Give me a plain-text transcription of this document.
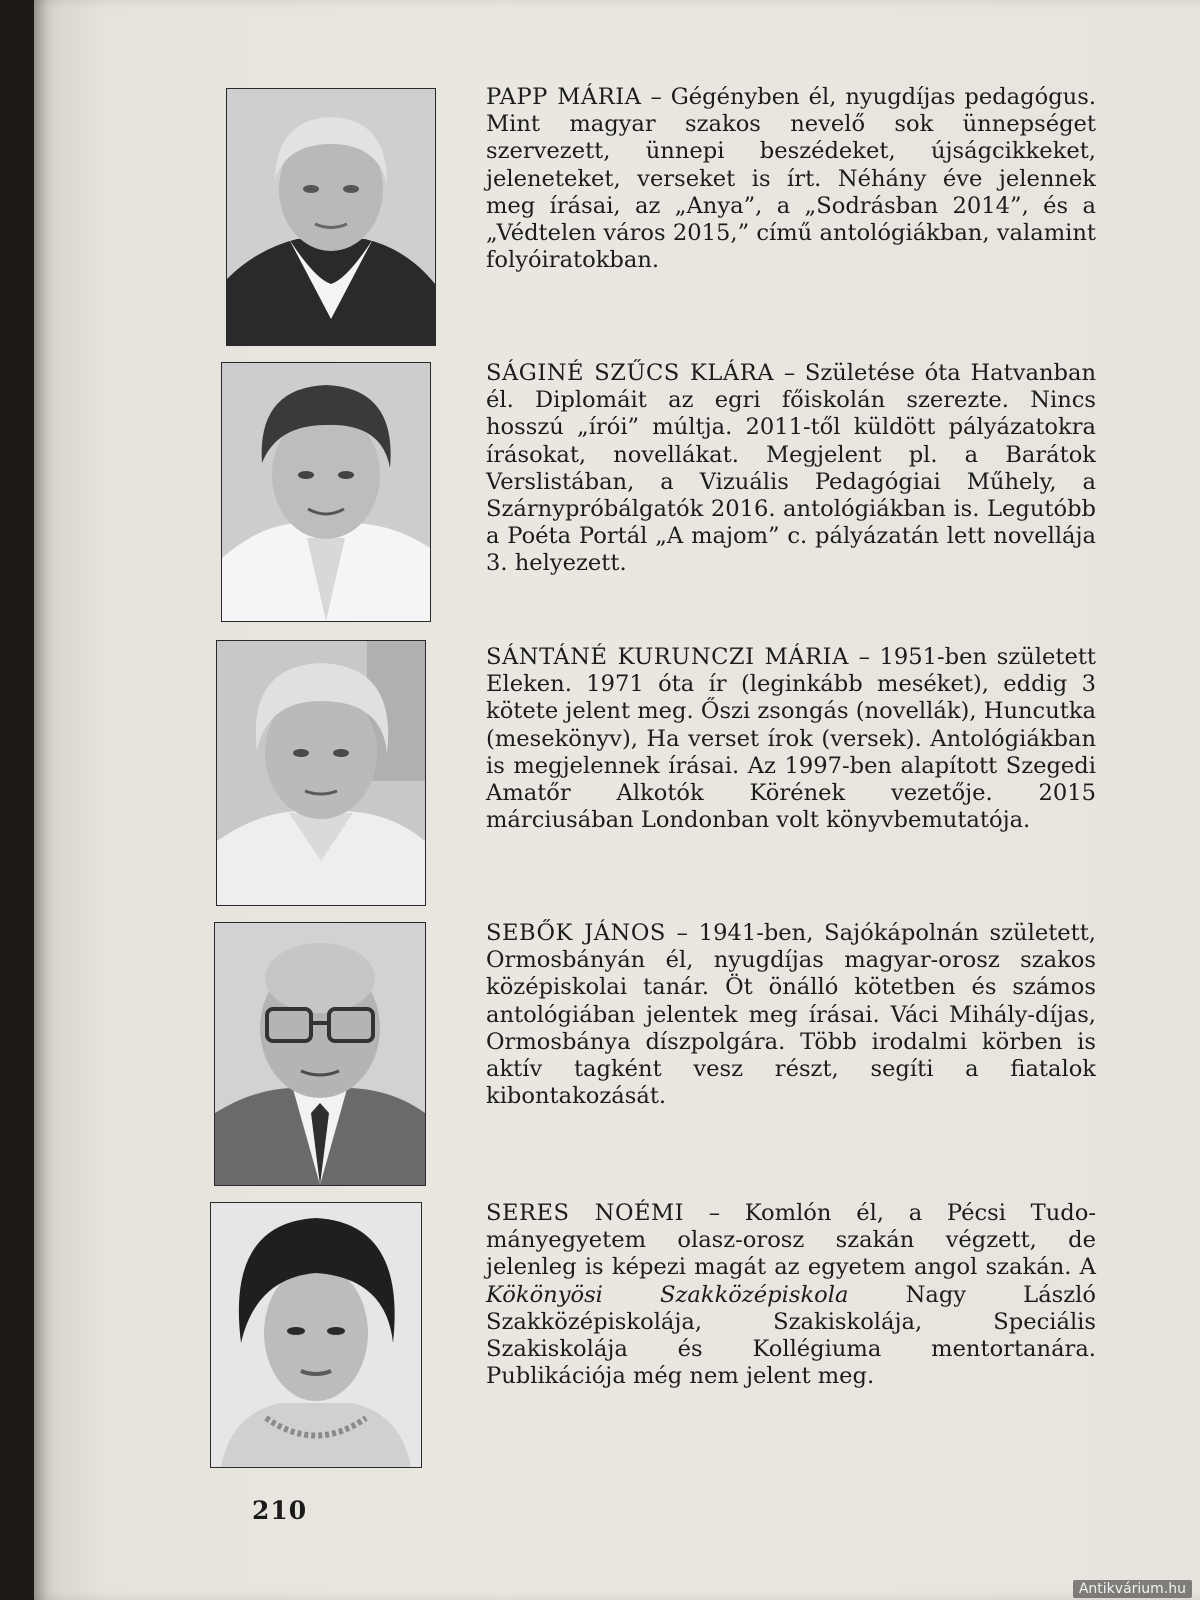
PAPP MÁRIA – Gégényben él, nyugdíjas pedagógus. Mint magyar szakos nevelő sok ünnepséget szervezett, ünnepi beszédeket, újságcikkeket, jeleneteket, verseket is írt. Néhány éve jelennek meg írásai, az „Anya”, a „Sodrásban 2014”, és a „Védtelen város 2015,” című antológiákban, valamint folyóiratokban.
SÁGINÉ SZŰCS KLÁRA – Születése óta Hatvanban él. Diplomáit az egri főiskolán szerezte. Nincs hosszú „írói” múltja. 2011-től küldött pályázatokra írásokat, novellákat. Megjelent pl. a Barátok Verslistában, a Vizuális Pedagógiai Műhely, a Szárnypróbálgatók 2016. antológiákban is. Legutóbb a Poéta Portál „A majom” c. pályázatán lett novellája 3. helyezett.
SÁNTÁNÉ KURUNCZI MÁRIA – 1951-ben született Eleken. 1971 óta ír (leginkább meséket), eddig 3 kötete jelent meg. Őszi zsongás (novellák), Huncutka (mesekönyv), Ha verset írok (versek). Antológiákban is megjelennek írásai. Az 1997-ben alapított Szegedi Amatőr Alkotók Körének vezetője. 2015 márciusában Londonban volt könyvbemutatója.
SEBŐK JÁNOS – 1941-ben, Sajókápolnán született, Ormosbányán él, nyugdíjas magyar-orosz szakos középiskolai tanár. Öt önálló kötetben és számos antológiában jelentek meg írásai. Váci Mihály-díjas, Ormosbánya díszpolgára. Több irodalmi körben is aktív tagként vesz részt, segíti a fiatalok kibontakozását.
SERES NOÉMI – Komlón él, a Pécsi Tudományegyetem olasz-orosz szakán végzett, de jelenleg is képezi magát az egyetem angol szakán. A Kökönyösi Szakközépiskola Nagy László Szakközépiskolája, Szakiskolája, Speciális Szakiskolája és Kollégiuma mentortanára. Publikációja még nem jelent meg.
210
Antikvárium.hu
